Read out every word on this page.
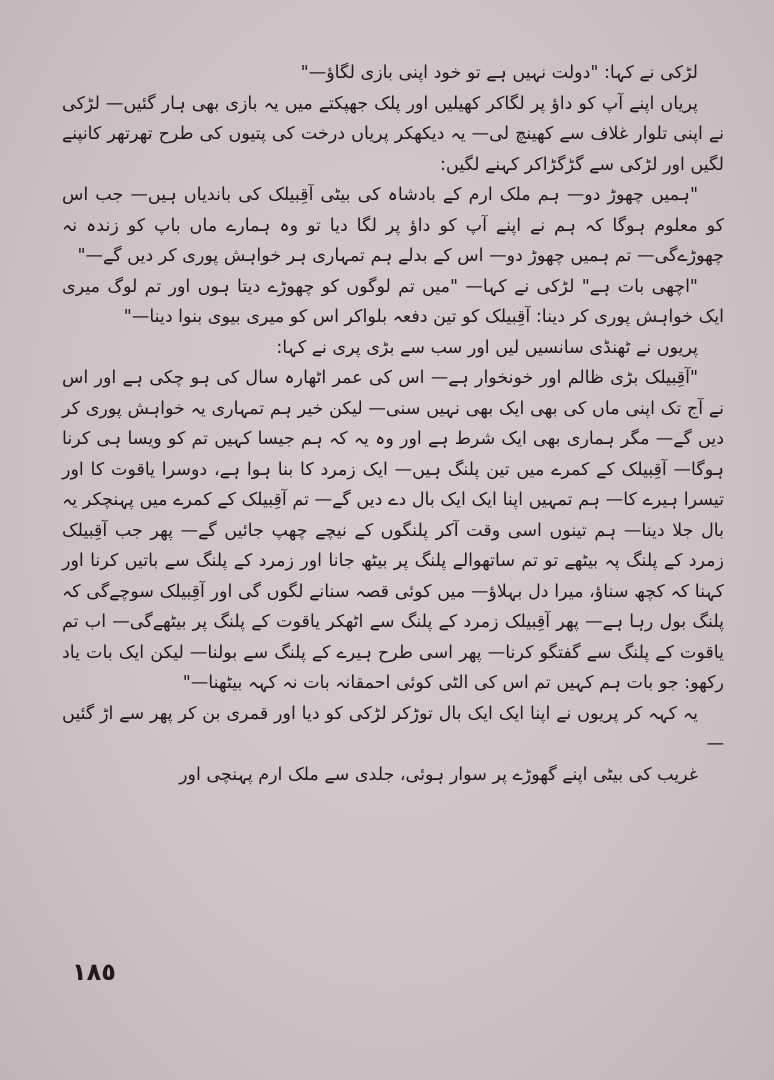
لڑکی نے کہا: "دولت نہیں ہے تو خود اپنی بازی لگاؤ—"

پریاں اپنے آپ کو داؤ پر لگاکر کھیلیں اور پلک جھپکتے میں یہ بازی بھی ہار گئیں— لڑکی نے اپنی تلوار غلاف سے کھینچ لی— یہ دیکھکر پریاں درخت کی پتیوں کی طرح تھرتھر کانپنے لگیں اور لڑکی سے گڑگڑاکر کہنے لگیں:

"ہمیں چھوڑ دو— ہم ملک ارم کے بادشاہ کی بیٹی آقِبیلک کی باندیاں ہیں— جب اس کو معلوم ہوگا کہ ہم نے اپنے آپ کو داؤ پر لگا دیا تو وہ ہمارے ماں باپ کو زندہ نہ چھوڑےگی— تم ہمیں چھوڑ دو— اس کے بدلے ہم تمہاری ہر خواہش پوری کر دیں گے—"

"اچھی بات ہے" لڑکی نے کہا— "میں تم لوگوں کو چھوڑے دیتا ہوں اور تم لوگ میری ایک خواہش پوری کر دینا: آقِبیلک کو تین دفعہ بلواکر اس کو میری بیوی بنوا دینا—"

پریوں نے ٹھنڈی سانسیں لیں اور سب سے بڑی پری نے کہا:

"آقِبیلک بڑی ظالم اور خونخوار ہے— اس کی عمر اٹھارہ سال کی ہو چکی ہے اور اس نے آج تک اپنی ماں کی بھی ایک بھی نہیں سنی— لیکن خیر ہم تمہاری یہ خواہش پوری کر دیں گے— مگر ہماری بھی ایک شرط ہے اور وہ یہ کہ ہم جیسا کہیں تم کو ویسا ہی کرنا ہوگا— آقِبیلک کے کمرے میں تین پلنگ ہیں— ایک زمرد کا بنا ہوا ہے، دوسرا یاقوت کا اور تیسرا ہیرے کا— ہم تمہیں اپنا ایک ایک بال دے دیں گے— تم آقِبیلک کے کمرے میں پہنچکر یہ بال جلا دینا— ہم تینوں اسی وقت آکر پلنگوں کے نیچے چھپ جائیں گے— پھر جب آقِبیلک زمرد کے پلنگ پہ بیٹھے تو تم ساتھوالے پلنگ پر بیٹھ جانا اور زمرد کے پلنگ سے باتیں کرنا اور کہنا کہ کچھ سناؤ، میرا دل بہلاؤ— میں کوئی قصہ سنانے لگوں گی اور آقِبیلک سوچےگی کہ پلنگ بول رہا ہے— پھر آقِبیلک زمرد کے پلنگ سے اٹھکر یاقوت کے پلنگ پر بیٹھےگی— اب تم یاقوت کے پلنگ سے گفتگو کرنا— پھر اسی طرح ہیرے کے پلنگ سے بولنا— لیکن ایک بات یاد رکھو: جو بات ہم کہیں تم اس کی الٹی کوئی احمقانہ بات نہ کہہ بیٹھنا—"

یہ کہہ کر پریوں نے اپنا ایک ایک بال توڑکر لڑکی کو دیا اور قمری بن کر پھر سے اڑ گئیں—

غریب کی بیٹی اپنے گھوڑے پر سوار ہوئی، جلدی سے ملک ارم پہنچی اور

١٨٥
